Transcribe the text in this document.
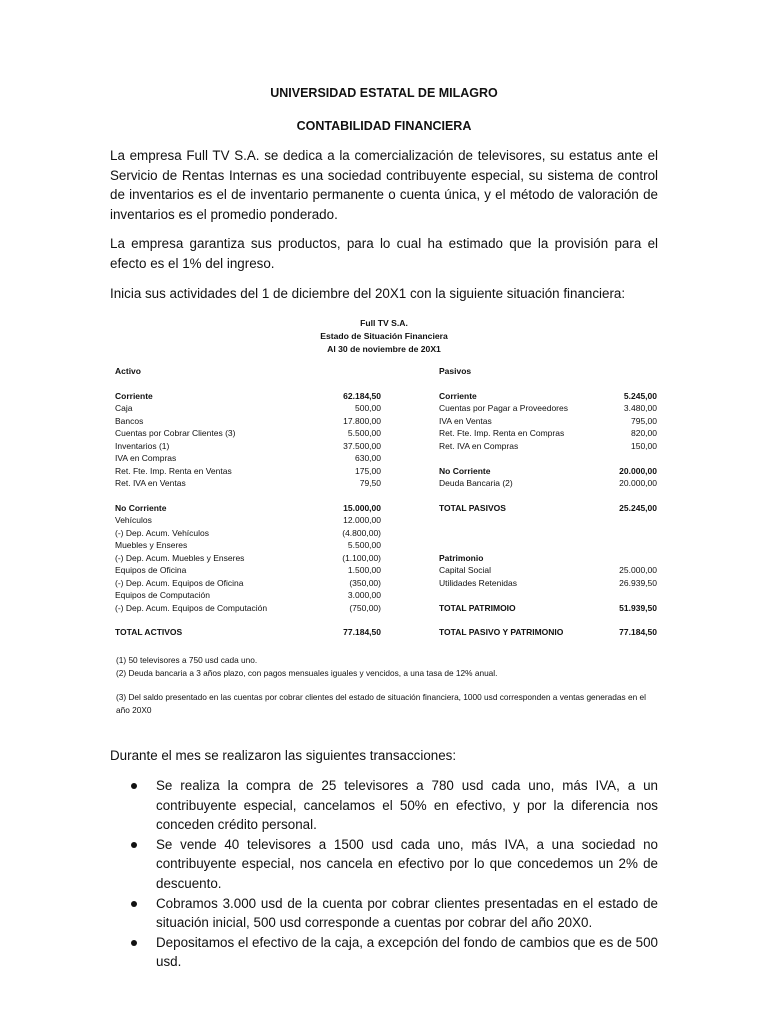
UNIVERSIDAD ESTATAL DE MILAGRO
CONTABILIDAD FINANCIERA
La empresa Full TV S.A. se dedica a la comercialización de televisores, su estatus ante el Servicio de Rentas Internas es una sociedad contribuyente especial, su sistema de control de inventarios es el de inventario permanente o cuenta única, y el método de valoración de inventarios es el promedio ponderado.
La empresa garantiza sus productos, para lo cual ha estimado que la provisión para el efecto es el 1% del ingreso.
Inicia sus actividades del 1 de diciembre del 20X1 con la siguiente situación financiera:
Full TV S.A.
Estado de Situación Financiera
Al 30 de noviembre de 20X1
Activo
Corriente	62.184,50
Caja	500,00
Bancos	17.800,00
Cuentas por Cobrar Clientes (3)	5.500,00
Inventarios (1)	37.500,00
IVA en Compras	630,00
Ret. Fte. Imp. Renta en Ventas	175,00
Ret. IVA en Ventas	79,50
No Corriente	15.000,00
Vehículos	12.000,00
(-) Dep. Acum. Vehículos	(4.800,00)
Muebles y Enseres	5.500,00
(-) Dep. Acum. Muebles y Enseres	(1.100,00)
Equipos de Oficina	1.500,00
(-) Dep. Acum. Equipos de Oficina	(350,00)
Equipos de Computación	3.000,00
(-) Dep. Acum. Equipos de Computación	(750,00)
TOTAL ACTIVOS	77.184,50
Pasivos
Corriente	5.245,00
Cuentas por Pagar a Proveedores	3.480,00
IVA en Ventas	795,00
Ret. Fte. Imp. Renta en Compras	820,00
Ret. IVA en Compras	150,00
No Corriente	20.000,00
Deuda Bancaria (2)	20.000,00
TOTAL PASIVOS	25.245,00
Patrimonio
Capital Social	25.000,00
Utilidades Retenidas	26.939,50
TOTAL PATRIMOIO	51.939,50
TOTAL PASIVO Y PATRIMONIO	77.184,50
(1) 50 televisores a 750 usd cada uno.
(2) Deuda bancaria a 3 años plazo, con pagos mensuales iguales y vencidos, a una tasa de 12% anual.
(3) Del saldo presentado en las cuentas por cobrar clientes del estado de situación financiera, 1000 usd corresponden a ventas generadas en el año 20X0
Durante el mes se realizaron las siguientes transacciones:
Se realiza la compra de 25 televisores a 780 usd cada uno, más IVA, a un contribuyente especial, cancelamos el 50% en efectivo, y por la diferencia nos conceden crédito personal.
Se vende 40 televisores a 1500 usd cada uno, más IVA, a una sociedad no contribuyente especial, nos cancela en efectivo por lo que concedemos un 2% de descuento.
Cobramos 3.000 usd de la cuenta por cobrar clientes presentadas en el estado de situación inicial, 500 usd corresponde a cuentas por cobrar del año 20X0.
Depositamos el efectivo de la caja, a excepción del fondo de cambios que es de 500 usd.
